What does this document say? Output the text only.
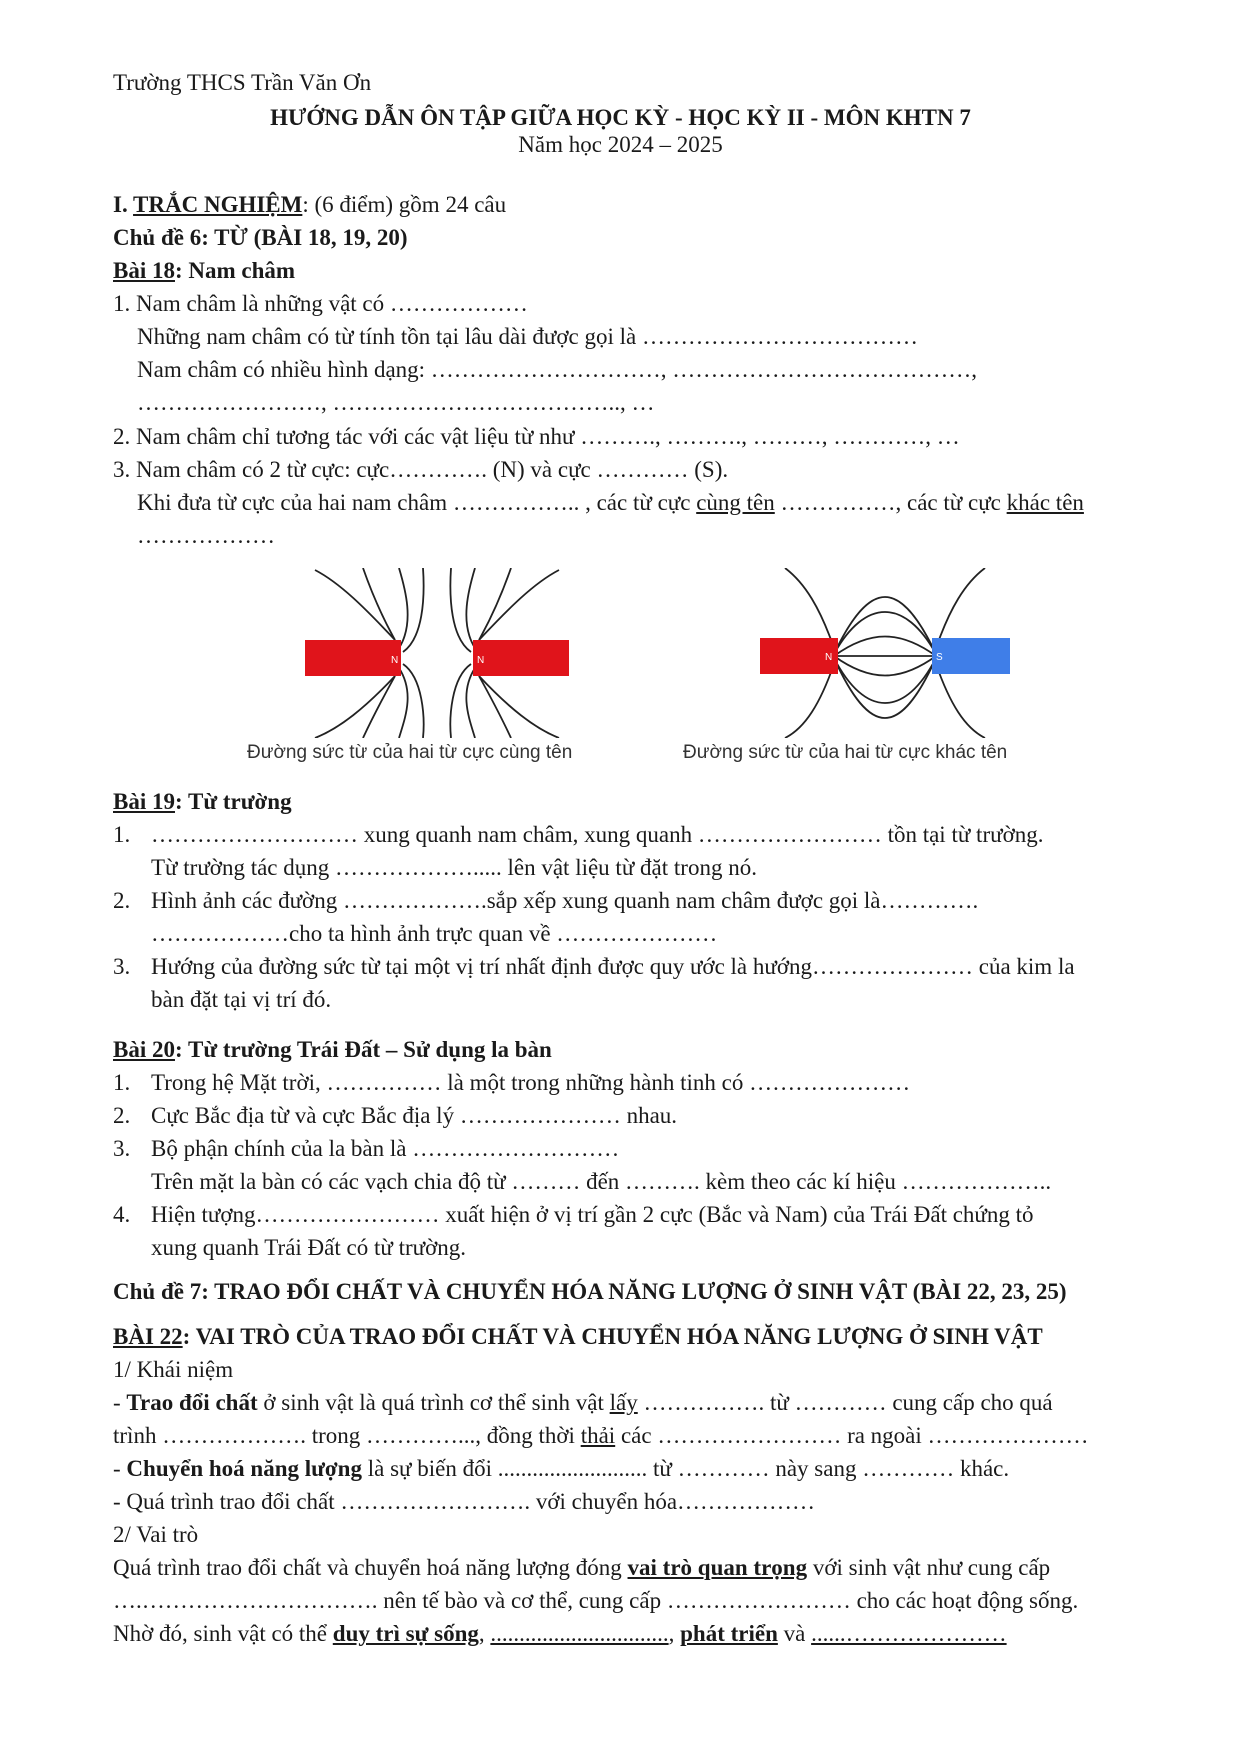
Trường THCS Trần Văn Ơn
HƯỚNG DẪN ÔN TẬP GIỮA HỌC KỲ - HỌC KỲ II - MÔN KHTN 7
Năm học 2024 – 2025
I. TRẮC NGHIỆM: (6 điểm) gồm 24 câu
Chủ đề 6: TỪ (BÀI 18, 19, 20)
Bài 18: Nam châm
1. Nam châm là những vật có ………………
Những nam châm có từ tính tồn tại lâu dài được gọi là ………………………………
Nam châm có nhiều hình dạng: …………………………, …………………………………,
……………………, ……………………………….., …
2. Nam châm chỉ tương tác với các vật liệu từ như ………., ………., ………, …………, …
3. Nam châm có 2 từ cực: cực…………. (N) và cực ………… (S).
Khi đưa từ cực của hai nam châm …………….. , các từ cực cùng tên ……………, các từ cực khác tên
………………
N	N
Đường sức từ của hai từ cực cùng tên
N	S
Đường sức từ của hai từ cực khác tên
Bài 19: Từ trường
1. ……………………… xung quanh nam châm, xung quanh …………………… tồn tại từ trường.
Từ trường tác dụng ………………..... lên vật liệu từ đặt trong nó.
2. Hình ảnh các đường ……………….sắp xếp xung quanh nam châm được gọi là………….
………………cho ta hình ảnh trực quan về …………………
3. Hướng của đường sức từ tại một vị trí nhất định được quy ước là hướng………………… của kim la
bàn đặt tại vị trí đó.
Bài 20: Từ trường Trái Đất – Sử dụng la bàn
1. Trong hệ Mặt trời, …………… là một trong những hành tinh có …………………
2. Cực Bắc địa từ và cực Bắc địa lý ………………… nhau.
3. Bộ phận chính của la bàn là ………………………
Trên mặt la bàn có các vạch chia độ từ ……… đến ………. kèm theo các kí hiệu ………………..
4. Hiện tượng…………………… xuất hiện ở vị trí gần 2 cực (Bắc và Nam) của Trái Đất chứng tỏ
xung quanh Trái Đất có từ trường.
Chủ đề 7: TRAO ĐỔI CHẤT VÀ CHUYỂN HÓA NĂNG LƯỢNG Ở SINH VẬT (BÀI 22, 23, 25)
BÀI 22: VAI TRÒ CỦA TRAO ĐỔI CHẤT VÀ CHUYỂN HÓA NĂNG LƯỢNG Ở SINH VẬT
1/ Khái niệm
- Trao đổi chất ở sinh vật là quá trình cơ thể sinh vật lấy ……………. từ ………… cung cấp cho quá
trình ………………. trong …………..., đồng thời thải các …………………… ra ngoài …………………
- Chuyển hoá năng lượng là sự biến đổi .......................... từ ………… này sang ………… khác.
- Quá trình trao đổi chất ……………………. với chuyển hóa………………
2/ Vai trò
Quá trình trao đổi chất và chuyển hoá năng lượng đóng vai trò quan trọng với sinh vật như cung cấp
….…………………………. nên tế bào và cơ thể, cung cấp …………………… cho các hoạt động sống.
Nhờ đó, sinh vật có thể duy trì sự sống, ..............................., phát triển và ......…………………
